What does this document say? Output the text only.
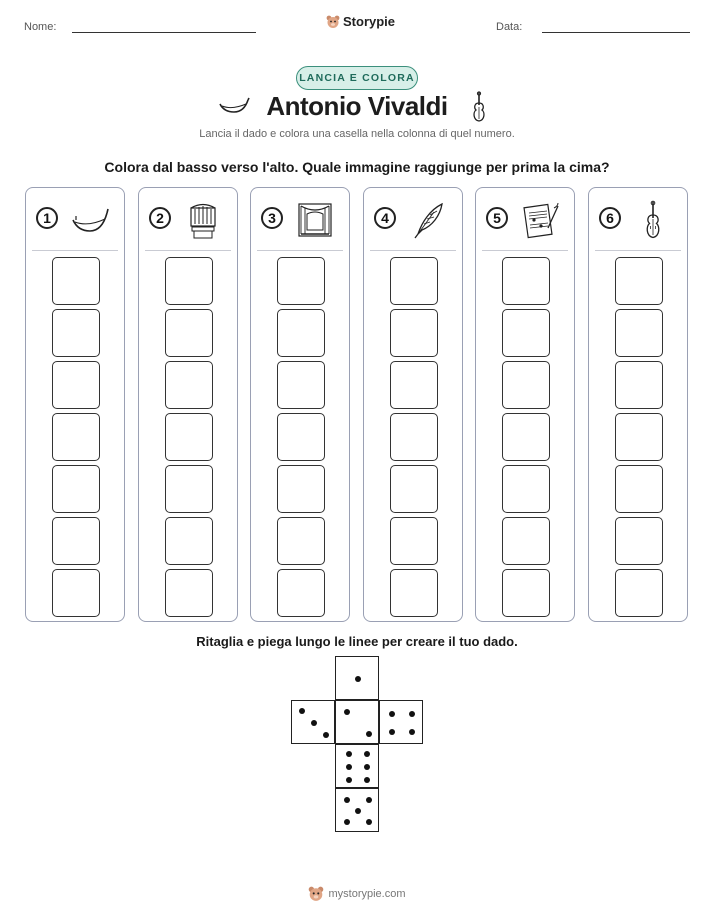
Nome:	Storypie	Data:
LANCIA E COLORA
Antonio Vivaldi
Lancia il dado e colora una casella nella colonna di quel numero.
Colora dal basso verso l'alto. Quale immagine raggiunge per prima la cima?
1	2	3	4	5	6
Ritaglia e piega lungo le linee per creare il tuo dado.
mystorypie.com
